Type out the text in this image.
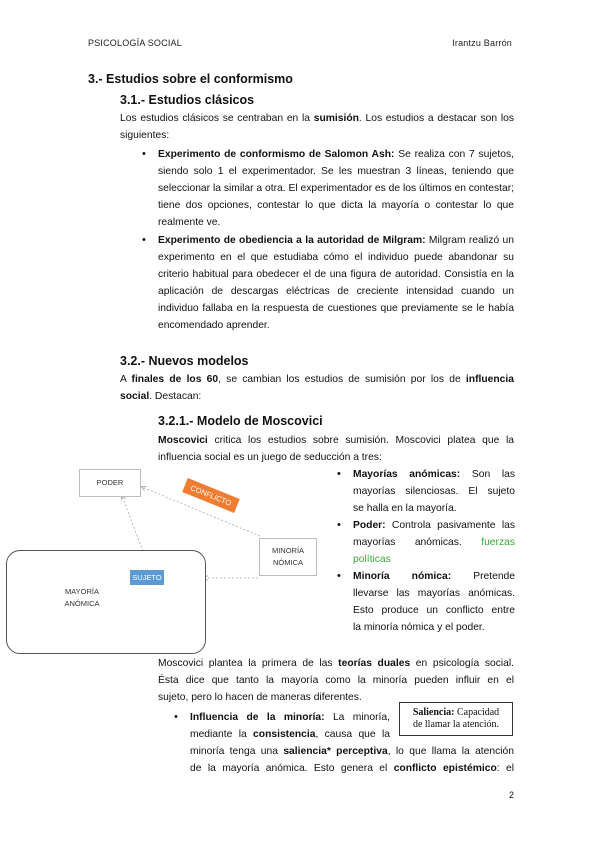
PSICOLOGÍA SOCIAL	Irantzu Barrón
3.- Estudios sobre el conformismo
3.1.- Estudios clásicos
Los estudios clásicos se centraban en la sumisión. Los estudios a destacar son los siguientes:
• Experimento de conformismo de Salomon Ash: Se realiza con 7 sujetos, siendo solo 1 el experimentador. Se les muestran 3 líneas, teniendo que seleccionar la similar a otra. El experimentador es de los últimos en contestar; tiene dos opciones, contestar lo que dicta la mayoría o contestar lo que realmente ve.
• Experimento de obediencia a la autoridad de Milgram: Milgram realizó un experimento en el que estudiaba cómo el individuo puede abandonar su criterio habitual para obedecer el de una figura de autoridad. Consistía en la aplicación de descargas eléctricas de creciente intensidad cuando un individuo fallaba en la respuesta de cuestiones que previamente se le había encomendado aprender.
3.2.- Nuevos modelos
A finales de los 60, se cambian los estudios de sumisión por los de influencia social. Destacan:
3.2.1.- Modelo de Moscovici
Moscovici critica los estudios sobre sumisión. Moscovici platea que la influencia social es un juego de seducción a tres:
PODER
MINORÍA
NÓMICA
MAYORÍA
ANÓMICA
SUJETO
CONFLICTO
• Mayorías anómicas: Son las
mayorías silenciosas. El sujeto
se halla en la mayoría.
• Poder: Controla pasivamente las
mayorías anómicas. fuerzas
políticas
• Minoría nómica: Pretende
llevarse las mayorías anómicas.
Esto produce un conflicto entre
la minoría nómica y el poder.
Moscovici plantea la primera de las teorías duales en psicología social.
Ésta dice que tanto la mayoría como la minoría pueden influir en el
sujeto, pero lo hacen de maneras diferentes.
• Influencia de la minoría: La minoría,
mediante la consistencia, causa que la
minoría tenga una saliencia* perceptiva, lo que llama la atención
de la mayoría anómica. Esto genera el conflicto epistémico: el
Saliencia: Capacidad
de llamar la atención.
2
